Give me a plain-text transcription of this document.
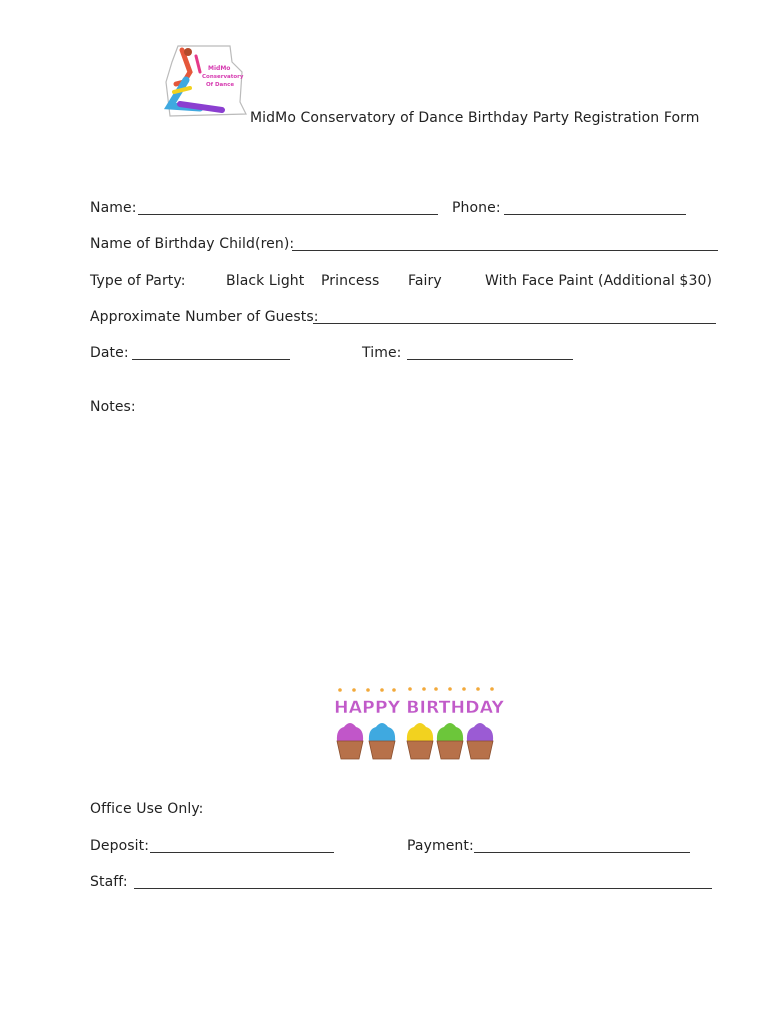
MidMo
Conservatory
Of Dance
MidMo Conservatory of Dance Birthday Party Registration Form
Name:	Phone:
Name of Birthday Child(ren):
Type of Party:	Black Light Princess Fairy	With Face Paint (Additional $30)
Approximate Number of Guests:
Date:	Time:
Notes:
HAPPY BIRTHDAY
Office Use Only:
Deposit:	Payment:
Staff:
